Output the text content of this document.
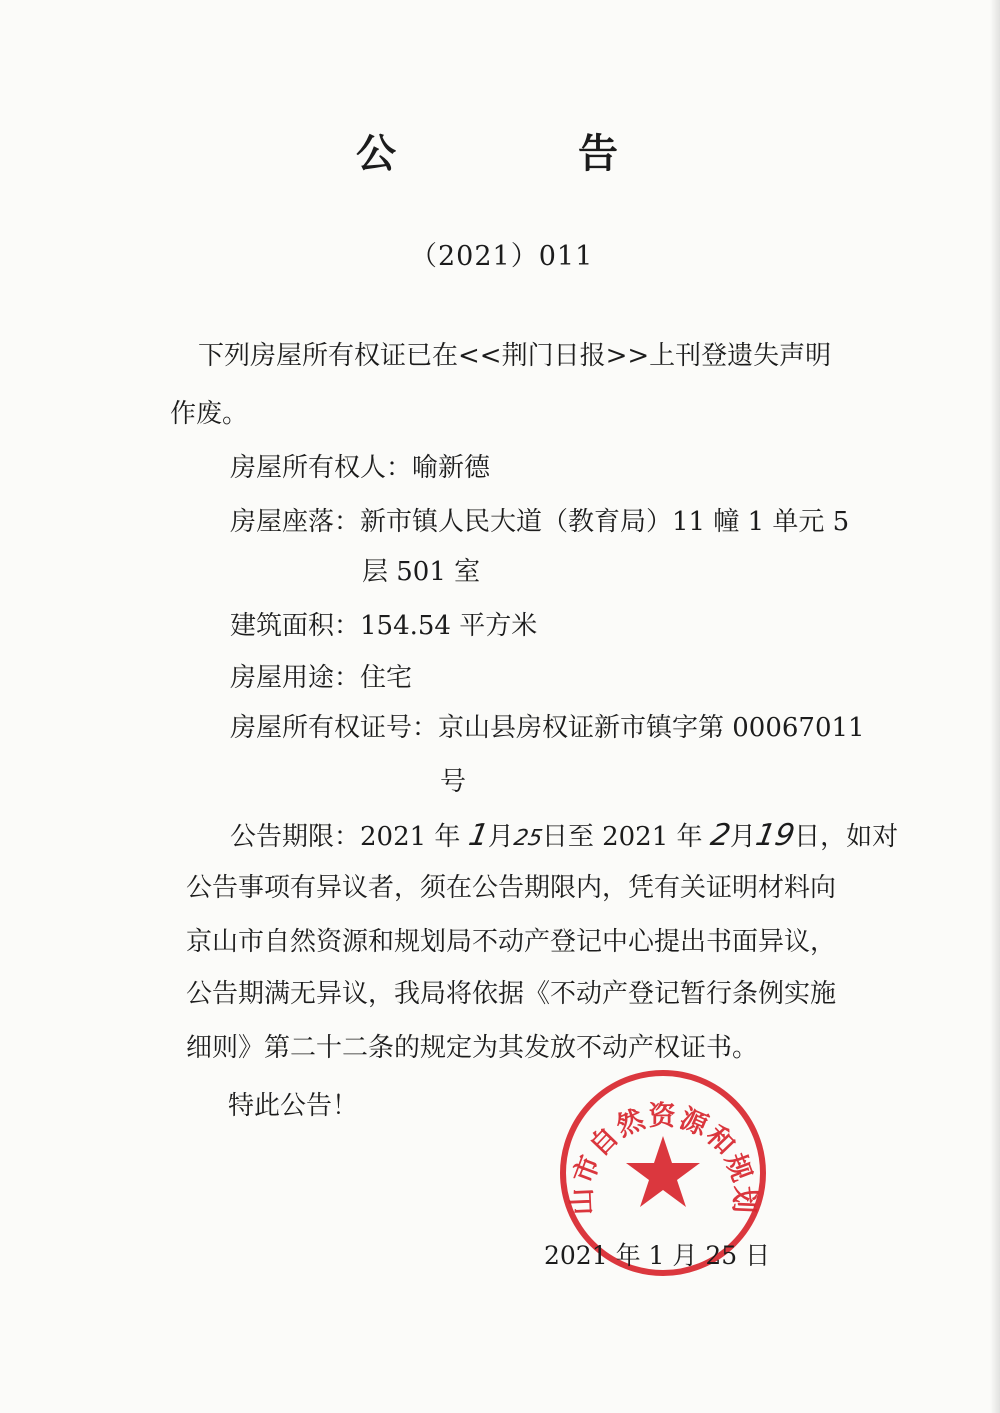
公	告
（2021）011
下列房屋所有权证已在<<荆门日报>>上刊登遗失声明
作废。
房屋所有权人：喻新德
房屋座落：新市镇人民大道（教育局）11 幢 1 单元 5
层 501 室
建筑面积：154.54 平方米
房屋用途：住宅
房屋所有权证号：京山县房权证新市镇字第 00067011
号
公告期限：2021 年 1月25日至 2021 年 2月19日，如对
公告事项有异议者，须在公告期限内，凭有关证明材料向
京山市自然资源和规划局不动产登记中心提出书面异议，
公告期满无异议，我局将依据《不动产登记暂行条例实施
细则》第二十二条的规定为其发放不动产权证书。
特此公告！
山市自然资源和规划
2021 年 1 月 25 日
